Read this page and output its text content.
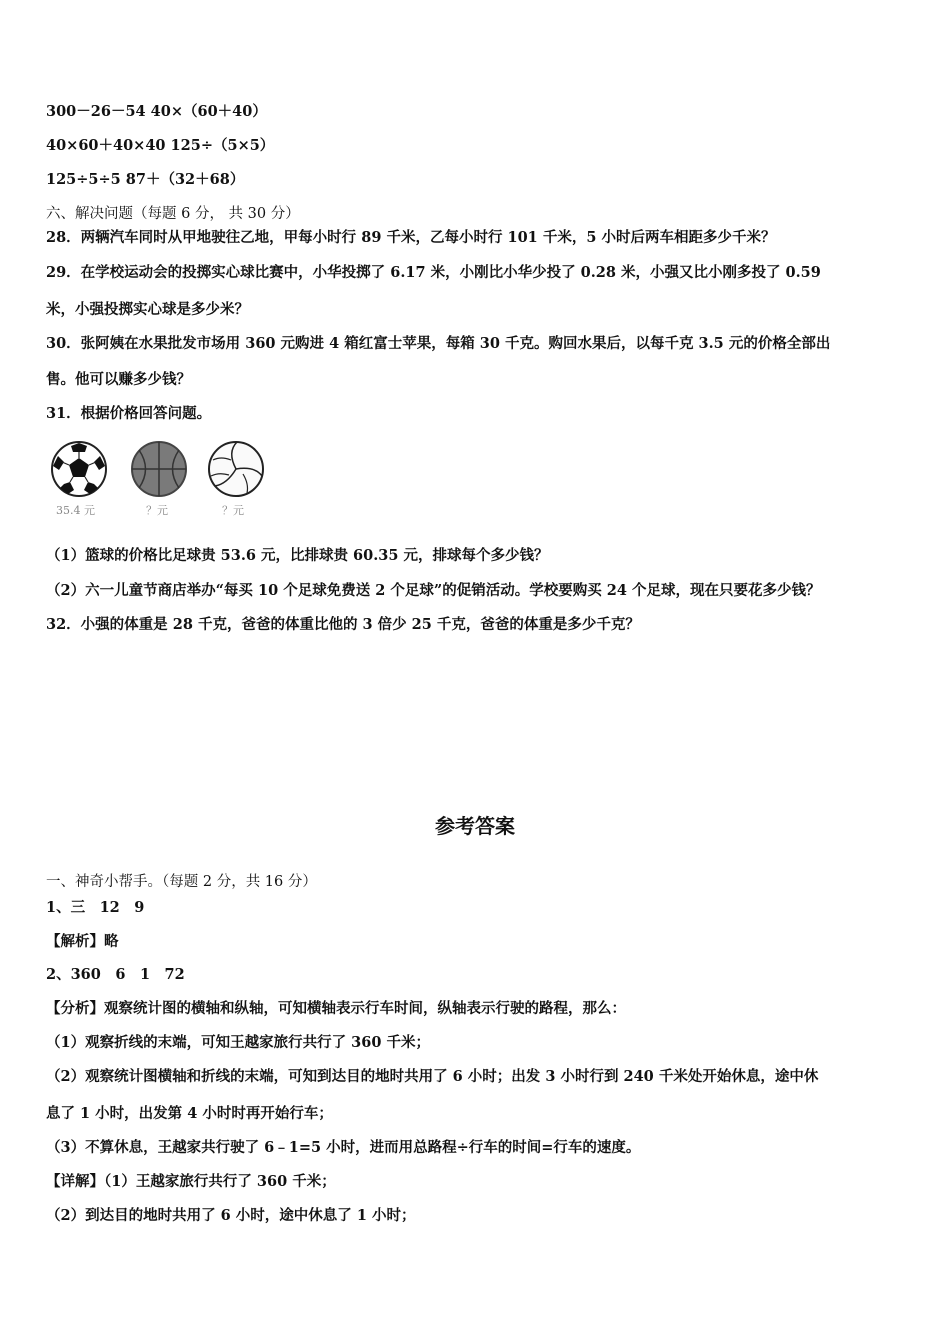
300－26－54 40×（60＋40）
40×60＋40×40 125÷（5×5）
125÷5÷5 87＋（32＋68）
六、解决问题（每题 6 分， 共 30 分）
28．两辆汽车同时从甲地驶往乙地，甲每小时行 89 千米，乙每小时行 101 千米，5 小时后两车相距多少千米？
29．在学校运动会的投掷实心球比赛中，小华投掷了 6.17 米，小刚比小华少投了 0.28 米，小强又比小刚多投了 0.59
米，小强投掷实心球是多少米？
30．张阿姨在水果批发市场用 360 元购进 4 箱红富士苹果，每箱 30 千克。购回水果后，以每千克 3.5 元的价格全部出
售。他可以赚多少钱？
31．根据价格回答问题。
35.4 元	？元	？元
（1）篮球的价格比足球贵 53.6 元，比排球贵 60.35 元，排球每个多少钱？
（2）六一儿童节商店举办“每买 10 个足球免费送 2 个足球”的促销活动。学校要购买 24 个足球，现在只要花多少钱？
32．小强的体重是 28 千克，爸爸的体重比他的 3 倍少 25 千克，爸爸的体重是多少千克？
参考答案
一、神奇小帮手。（每题 2 分，共 16 分）
1、三　12　9
【解析】略
2、360　6　1　72
【分析】观察统计图的横轴和纵轴，可知横轴表示行车时间，纵轴表示行驶的路程，那么：
（1）观察折线的末端，可知王越家旅行共行了 360 千米；
（2）观察统计图横轴和折线的末端，可知到达目的地时共用了 6 小时；出发 3 小时行到 240 千米处开始休息，途中休
息了 1 小时，出发第 4 小时时再开始行车；
（3）不算休息，王越家共行驶了 6﹣1=5 小时，进而用总路程÷行车的时间=行车的速度。
【详解】（1）王越家旅行共行了 360 千米；
（2）到达目的地时共用了 6 小时，途中休息了 1 小时；
